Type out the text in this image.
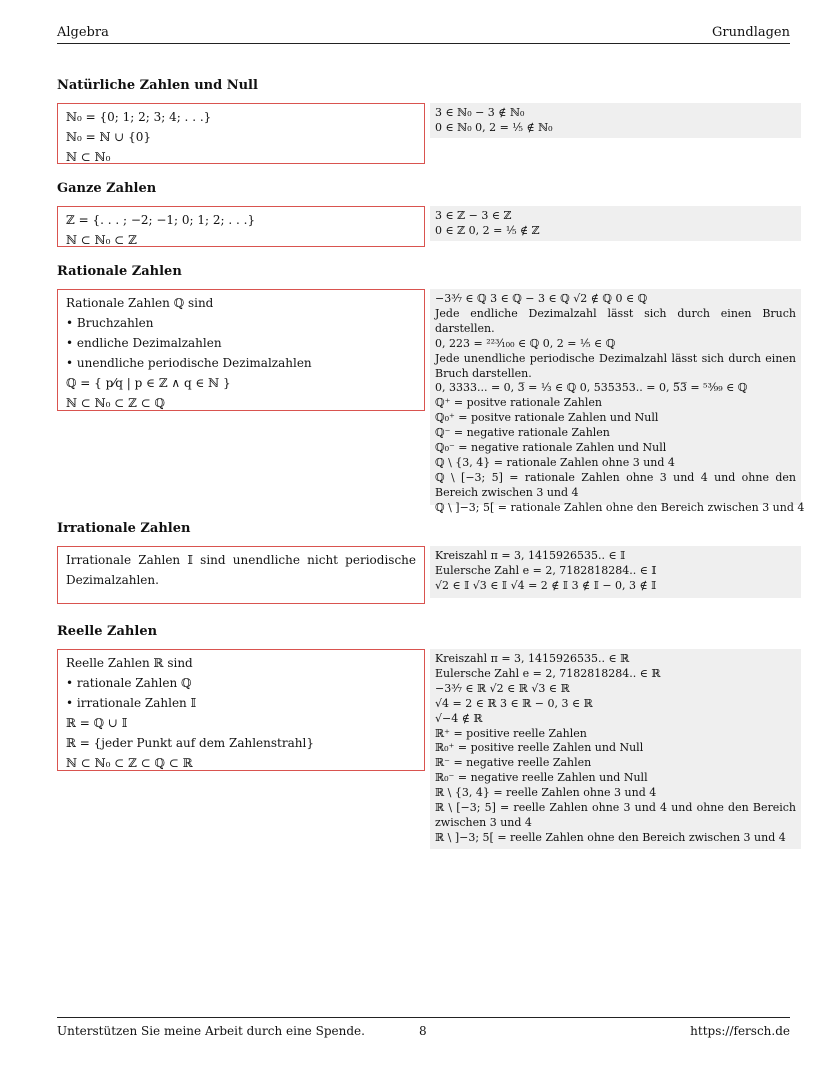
Algebra	Grundlagen
Natürliche Zahlen und Null
ℕ₀ = {0; 1; 2; 3; 4; . . .}
ℕ₀ = ℕ ∪ {0}
ℕ ⊂ ℕ₀
3 ∈ ℕ₀ − 3 ∉ ℕ₀
0 ∈ ℕ₀ 0, 2 = ¹⁄₅ ∉ ℕ₀
Ganze Zahlen
ℤ = {. . . ; −2; −1; 0; 1; 2; . . .}
ℕ ⊂ ℕ₀ ⊂ ℤ
3 ∈ ℤ − 3 ∈ ℤ
0 ∈ ℤ 0, 2 = ¹⁄₅ ∉ ℤ
Rationale Zahlen
Rationale Zahlen ℚ sind
• Bruchzahlen
• endliche Dezimalzahlen
• unendliche periodische Dezimalzahlen
ℚ = { p⁄q | p ∈ ℤ ∧ q ∈ ℕ }
ℕ ⊂ ℕ₀ ⊂ ℤ ⊂ ℚ
−3³⁄₇ ∈ ℚ 3 ∈ ℚ − 3 ∈ ℚ √2 ∉ ℚ 0 ∈ ℚ
Jede endliche Dezimalzahl lässt sich durch einen Bruch darstellen.
0, 223 = ²²³⁄₁₀₀ ∈ ℚ 0, 2 = ¹⁄₅ ∈ ℚ
Jede unendliche periodische Dezimalzahl lässt sich durch einen Bruch darstellen.
0, 3333... = 0, 3̅ = ¹⁄₃ ∈ ℚ 0, 535353.. = 0, 5̅3̅ = ⁵³⁄₉₉ ∈ ℚ
ℚ⁺ = positve rationale Zahlen
ℚ₀⁺ = positve rationale Zahlen und Null
ℚ⁻ = negative rationale Zahlen
ℚ₀⁻ = negative rationale Zahlen und Null
ℚ \ {3, 4} = rationale Zahlen ohne 3 und 4
ℚ \ [−3; 5] = rationale Zahlen ohne 3 und 4 und ohne den Bereich zwischen 3 und 4
ℚ \ ]−3; 5[ = rationale Zahlen ohne den Bereich zwischen 3 und 4
Irrationale Zahlen
Irrationale Zahlen 𝕀 sind unendliche nicht periodische Dezimalzahlen.
Kreiszahl π = 3, 1415926535.. ∈ 𝕀
Eulersche Zahl e = 2, 7182818284.. ∈ 𝕀
√2 ∈ 𝕀 √3 ∈ 𝕀 √4 = 2 ∉ 𝕀 3 ∉ 𝕀 − 0, 3 ∉ 𝕀
Reelle Zahlen
Reelle Zahlen ℝ sind
• rationale Zahlen ℚ
• irrationale Zahlen 𝕀
ℝ = ℚ ∪ 𝕀
ℝ = {jeder Punkt auf dem Zahlenstrahl}
ℕ ⊂ ℕ₀ ⊂ ℤ ⊂ ℚ ⊂ ℝ
Kreiszahl π = 3, 1415926535.. ∈ ℝ
Eulersche Zahl e = 2, 7182818284.. ∈ ℝ
−3³⁄₇ ∈ ℝ √2 ∈ ℝ √3 ∈ ℝ
√4 = 2 ∈ ℝ 3 ∈ ℝ − 0, 3 ∈ ℝ
√−4 ∉ ℝ
ℝ⁺ = positive reelle Zahlen
ℝ₀⁺ = positive reelle Zahlen und Null
ℝ⁻ = negative reelle Zahlen
ℝ₀⁻ = negative reelle Zahlen und Null
ℝ \ {3, 4} = reelle Zahlen ohne 3 und 4
ℝ \ [−3; 5] = reelle Zahlen ohne 3 und 4 und ohne den Bereich zwischen 3 und 4
ℝ \ ]−3; 5[ = reelle Zahlen ohne den Bereich zwischen 3 und 4
Unterstützen Sie meine Arbeit durch eine Spende.	8	https://fersch.de
